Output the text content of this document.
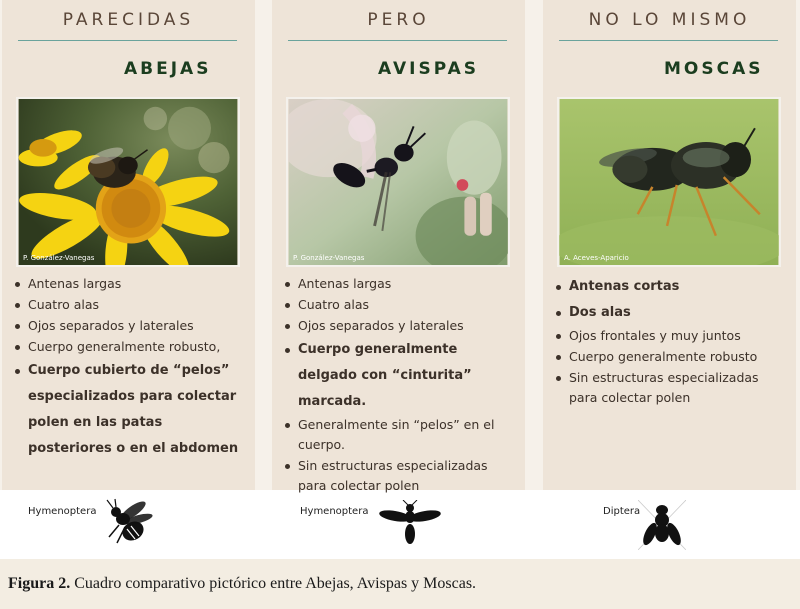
PARECIDAS
ABEJAS
P. González-Vanegas
Antenas largas
Cuatro alas
Ojos separados y laterales
Cuerpo generalmente robusto,
Cuerpo cubierto de “pelos” especializados para colectar polen en las patas posteriores o en el abdomen
PERO
AVISPAS
P. González-Vanegas
Antenas largas
Cuatro alas
Ojos separados y laterales
Cuerpo generalmente delgado con “cinturita” marcada.
Generalmente sin “pelos” en el cuerpo.
Sin estructuras especializadas para colectar polen
NO LO MISMO
MOSCAS
A. Aceves-Aparicio
Antenas cortas
Dos alas
Ojos frontales y muy juntos
Cuerpo generalmente robusto
Sin estructuras especializadas para colectar polen
Hymenoptera	Hymenoptera	Diptera
Figura 2. Cuadro comparativo pictórico entre Abejas, Avispas y Moscas.
